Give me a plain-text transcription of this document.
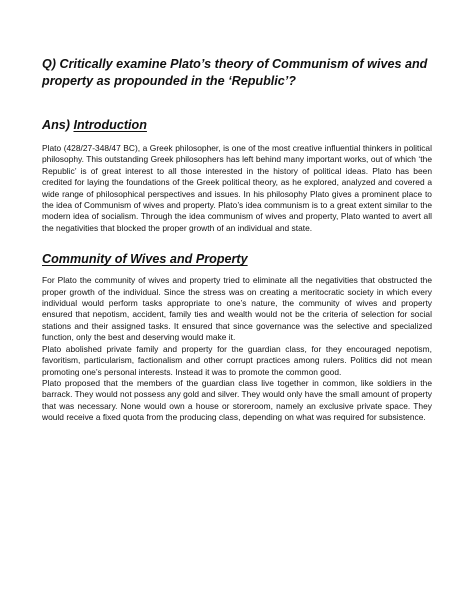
Q) Critically examine Plato’s theory of Communism of wives and property as propounded in the ‘Republic’?

Ans) Introduction

Plato (428/27-348/47 BC), a Greek philosopher, is one of the most creative influential thinkers in political philosophy. This outstanding Greek philosophers has left behind many important works, out of which ‘the Republic’ is of great interest to all those interested in the history of political ideas. Plato has been credited for laying the foundations of the Greek political theory, as he explored, analyzed and covered a wide range of philosophical perspectives and issues. In his philosophy Plato gives a prominent place to the idea of Communism of wives and property. Plato’s idea communism is to a great extent similar to the modern idea of socialism. Through the idea communism of wives and property, Plato wanted to avert all the negativities that blocked the proper growth of an individual and state.

Community of Wives and Property

For Plato the community of wives and property tried to eliminate all the negativities that obstructed the proper growth of the individual. Since the stress was on creating a meritocratic society in which every individual would perform tasks appropriate to one’s nature, the community of wives and property ensured that nepotism, accident, family ties and wealth would not be the criteria of selection for social stations and their assigned tasks. It ensured that since governance was the selective and specialized function, only the best and deserving would make it.

Plato abolished private family and property for the guardian class, for they encouraged nepotism, favoritism, particularism, factionalism and other corrupt practices among rulers. Politics did not mean promoting one’s personal interests. Instead it was to promote the common good.

Plato proposed that the members of the guardian class live together in common, like soldiers in the barrack. They would not possess any gold and silver. They would only have the small amount of property that was necessary. None would own a house or storeroom, namely an exclusive private space. They would receive a fixed quota from the producing class, depending on what was required for subsistence.
